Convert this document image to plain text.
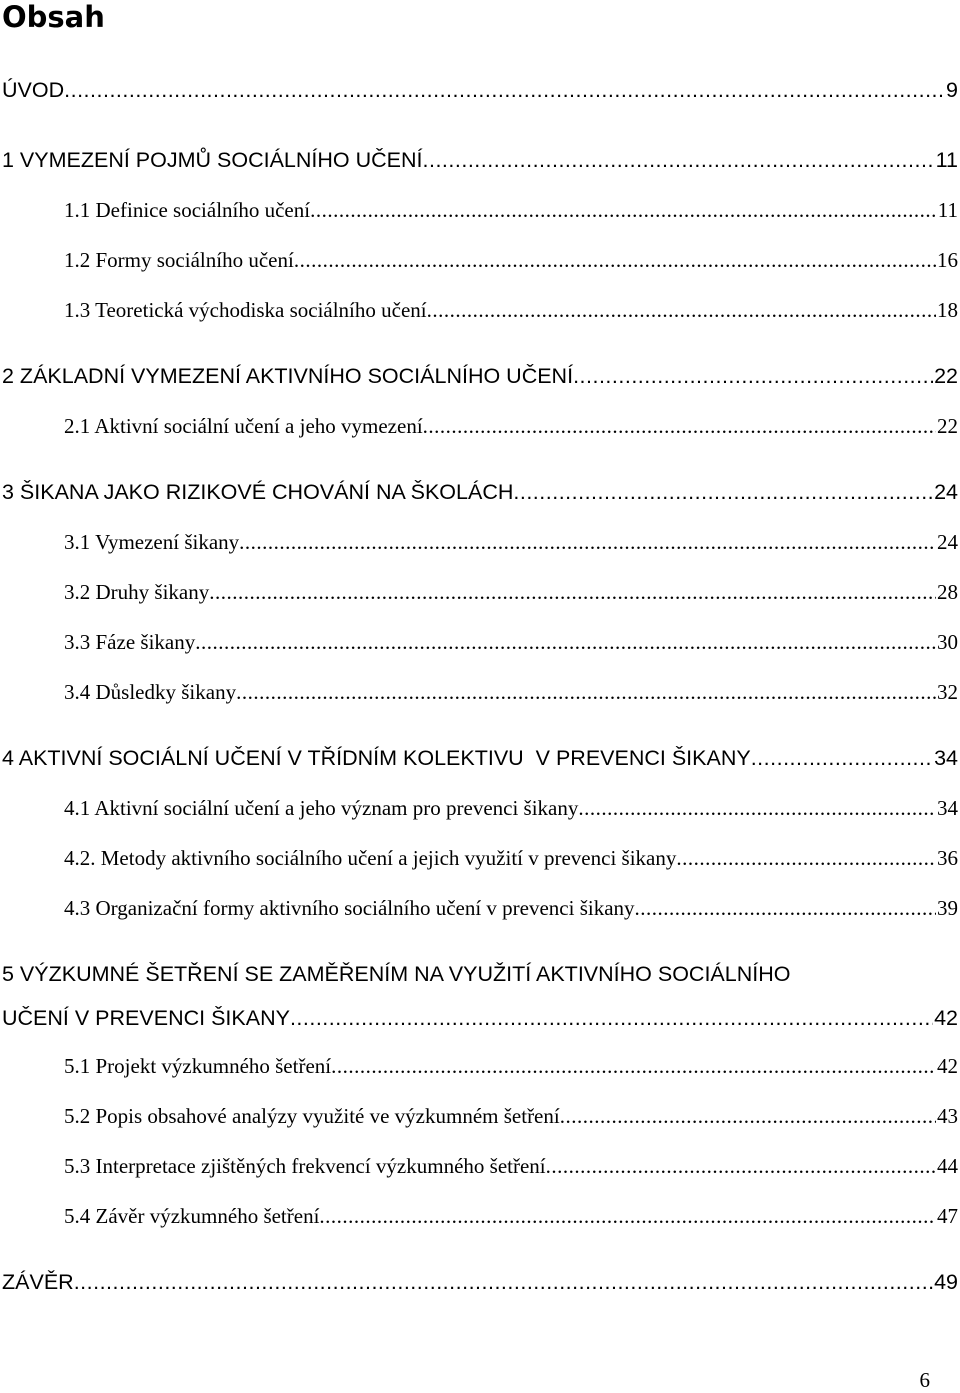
Obsah
ÚVOD .....	9
1 VYMEZENÍ POJMŮ SOCIÁLNÍHO UČENÍ .....	11
1.1 Definice sociálního učení .....	11
1.2 Formy sociálního učení .....	16
1.3 Teoretická východiska sociálního učení .....	18
2 ZÁKLADNÍ VYMEZENÍ AKTIVNÍHO SOCIÁLNÍHO UČENÍ .....	22
2.1 Aktivní sociální učení a jeho vymezení .....	22
3 ŠIKANA JAKO RIZIKOVÉ CHOVÁNÍ NA ŠKOLÁCH .....	24
3.1 Vymezení šikany .....	24
3.2 Druhy šikany .....	28
3.3 Fáze šikany .....	30
3.4 Důsledky šikany .....	32
4 AKTIVNÍ SOCIÁLNÍ UČENÍ V TŘÍDNÍM KOLEKTIVU  V PREVENCI ŠIKANY .....	34
4.1 Aktivní sociální učení a jeho význam pro prevenci šikany .....	34
4.2. Metody aktivního sociálního učení a jejich využití v prevenci šikany .....	36
4.3 Organizační formy aktivního sociálního učení v prevenci šikany .....	39
5 VÝZKUMNÉ ŠETŘENÍ SE ZAMĚŘENÍM NA VYUŽITÍ AKTIVNÍHO SOCIÁLNÍHO
UČENÍ V PREVENCI ŠIKANY .....	42
5.1 Projekt výzkumného šetření .....	42
5.2 Popis obsahové analýzy využité ve výzkumném šetření .....	43
5.3 Interpretace zjištěných frekvencí výzkumného šetření .....	44
5.4 Závěr výzkumného šetření .....	47
ZÁVĚR .....	49
6
